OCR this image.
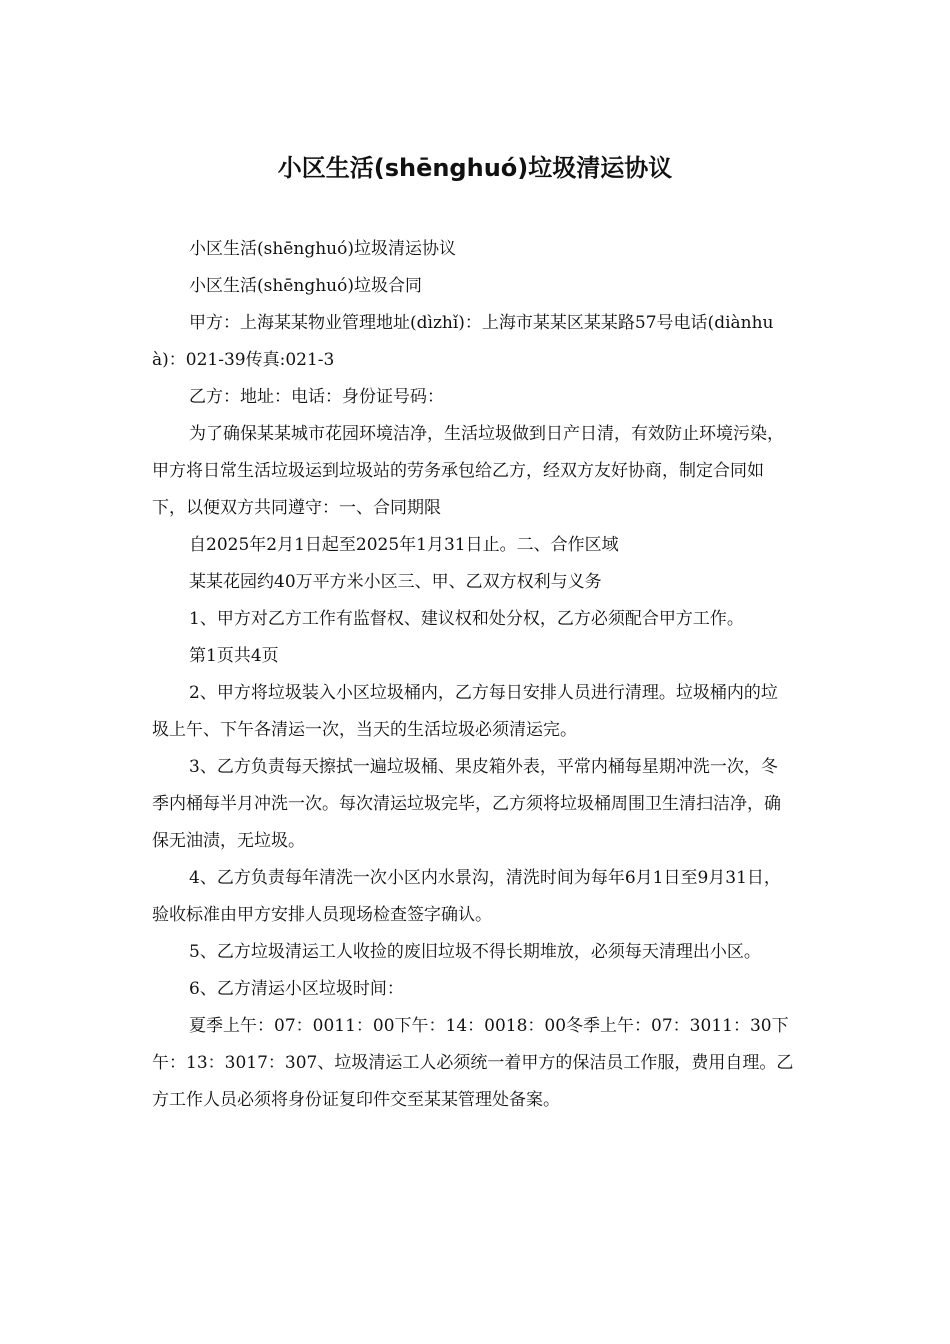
小区生活(shēnghuó)垃圾清运协议

小区生活(shēnghuó)垃圾清运协议

小区生活(shēnghuó)垃圾合同

甲方：上海某某物业管理地址(dìzhǐ)：上海市某某区某某路57号电话(diànhuà)：021-39传真:021-3

乙方：地址：电话：身份证号码：

为了确保某某城市花园环境洁净，生活垃圾做到日产日清，有效防止环境污染，甲方将日常生活垃圾运到垃圾站的劳务承包给乙方，经双方友好协商，制定合同如下，以便双方共同遵守：一、合同期限

自2025年2月1日起至2025年1月31日止。二、合作区域

某某花园约40万平方米小区三、甲、乙双方权利与义务

1、甲方对乙方工作有监督权、建议权和处分权，乙方必须配合甲方工作。

第1页共4页

2、甲方将垃圾装入小区垃圾桶内，乙方每日安排人员进行清理。垃圾桶内的垃圾上午、下午各清运一次，当天的生活垃圾必须清运完。

3、乙方负责每天擦拭一遍垃圾桶、果皮箱外表，平常内桶每星期冲洗一次，冬季内桶每半月冲洗一次。每次清运垃圾完毕，乙方须将垃圾桶周围卫生清扫洁净，确保无油渍，无垃圾。

4、乙方负责每年清洗一次小区内水景沟，清洗时间为每年6月1日至9月31日，验收标准由甲方安排人员现场检查签字确认。

5、乙方垃圾清运工人收捡的废旧垃圾不得长期堆放，必须每天清理出小区。

6、乙方清运小区垃圾时间：

夏季上午：07：0011：00下午：14：0018：00冬季上午：07：3011：30下午：13：3017：307、垃圾清运工人必须统一着甲方的保洁员工作服，费用自理。乙方工作人员必须将身份证复印件交至某某管理处备案。
